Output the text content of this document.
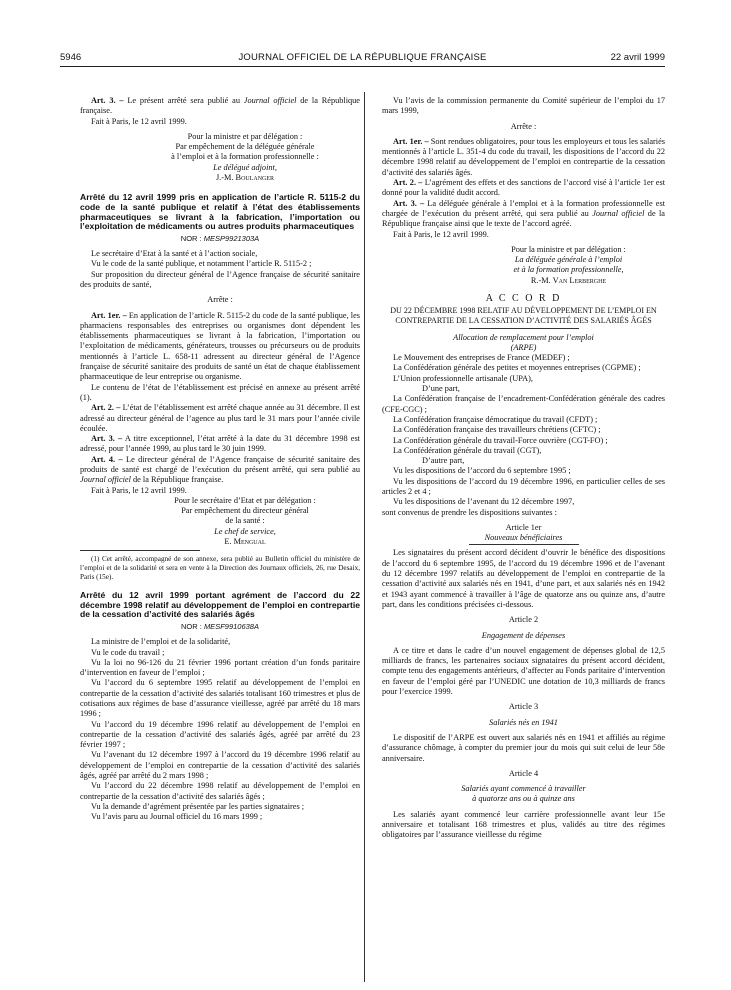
5946	JOURNAL OFFICIEL DE LA RÉPUBLIQUE FRANÇAISE	22 avril 1999

Art. 3. – Le présent arrêté sera publié au Journal officiel de la République française.

Fait à Paris, le 12 avril 1999.

Pour la ministre et par délégation :

Par empêchement de la déléguée générale

à l’emploi et à la formation professionnelle :

Le délégué adjoint,

J.-M. Boulanger

Arrêté du 12 avril 1999 pris en application de l’article R. 5115-2 du code de la santé publique et relatif à l’état des établissements pharmaceutiques se livrant à la fabrication, l’importation ou l’exploitation de médicaments ou autres produits pharmaceutiques

NOR : MESP9921303A

Le secrétaire d’Etat à la santé et à l’action sociale,

Vu le code de la santé publique, et notamment l’article R. 5115-2 ;

Sur proposition du directeur général de l’Agence française de sécurité sanitaire des produits de santé,

Arrête :

Art. 1er. – En application de l’article R. 5115-2 du code de la santé publique, les pharmaciens responsables des entreprises ou organismes dont dépendent les établissements pharmaceutiques se livrant à la fabrication, l’importation ou l’exploitation de médicaments, générateurs, trousses ou précurseurs ou de produits mentionnés à l’article L. 658-11 adressent au directeur général de l’Agence française de sécurité sanitaire des produits de santé un état de chaque établissement pharmaceutique de leur entreprise ou organisme.

Le contenu de l’état de l’établissement est précisé en annexe au présent arrêté (1).

Art. 2. – L’état de l’établissement est arrêté chaque année au 31 décembre. Il est adressé au directeur général de l’agence au plus tard le 31 mars pour l’année civile écoulée.

Art. 3. – A titre exceptionnel, l’état arrêté à la date du 31 décembre 1998 est adressé, pour l’année 1999, au plus tard le 30 juin 1999.

Art. 4. – Le directeur général de l’Agence française de sécurité sanitaire des produits de santé est chargé de l’exécution du présent arrêté, qui sera publié au Journal officiel de la République française.

Fait à Paris, le 12 avril 1999.

Pour le secrétaire d’Etat et par délégation :

Par empêchement du directeur général

de la santé :

Le chef de service,

E. Mengual

(1) Cet arrêté, accompagné de son annexe, sera publié au Bulletin officiel du ministère de l’emploi et de la solidarité et sera en vente à la Direction des Journaux officiels, 26, rue Desaix, Paris (15e).

Arrêté du 12 avril 1999 portant agrément de l’accord du 22 décembre 1998 relatif au développement de l’emploi en contrepartie de la cessation d’activité des salariés âgés

NOR : MESF9910638A

La ministre de l’emploi et de la solidarité,

Vu le code du travail ;

Vu la loi no 96-126 du 21 février 1996 portant création d’un fonds paritaire d’intervention en faveur de l’emploi ;

Vu l’accord du 6 septembre 1995 relatif au développement de l’emploi en contrepartie de la cessation d’activité des salariés totalisant 160 trimestres et plus de cotisations aux régimes de base d’assurance vieillesse, agréé par arrêté du 18 mars 1996 ;

Vu l’accord du 19 décembre 1996 relatif au développement de l’emploi en contrepartie de la cessation d’activité des salariés âgés, agréé par arrêté du 23 février 1997 ;

Vu l’avenant du 12 décembre 1997 à l’accord du 19 décembre 1996 relatif au développement de l’emploi en contrepartie de la cessation d’activité des salariés âgés, agréé par arrêté du 2 mars 1998 ;

Vu l’accord du 22 décembre 1998 relatif au développement de l’emploi en contrepartie de la cessation d’activité des salariés âgés ;

Vu la demande d’agrément présentée par les parties signataires ;

Vu l’avis paru au Journal officiel du 16 mars 1999 ;

Vu l’avis de la commission permanente du Comité supérieur de l’emploi du 17 mars 1999,

Arrête :

Art. 1er. – Sont rendues obligatoires, pour tous les employeurs et tous les salariés mentionnés à l’article L. 351-4 du code du travail, les dispositions de l’accord du 22 décembre 1998 relatif au développement de l’emploi en contrepartie de la cessation d’activité des salariés âgés.

Art. 2. – L’agrément des effets et des sanctions de l’accord visé à l’article 1er est donné pour la validité dudit accord.

Art. 3. – La déléguée générale à l’emploi et à la formation professionnelle est chargée de l’exécution du présent arrêté, qui sera publié au Journal officiel de la République française ainsi que le texte de l’accord agréé.

Fait à Paris, le 12 avril 1999.

Pour la ministre et par délégation :

La déléguée générale à l’emploi

et à la formation professionnelle,

R.-M. Van Lerberghe

A C C O R D

DU 22 DÉCEMBRE 1998 RELATIF AU DÉVELOPPEMENT DE L’EMPLOI EN CONTREPARTIE DE LA CESSATION D’ACTIVITÉ DES SALARIÉS ÂGÉS

Allocation de remplacement pour l’emploi

(ARPE)

Le Mouvement des entreprises de France (MEDEF) ;

La Confédération générale des petites et moyennes entreprises (CGPME) ;

L’Union professionnelle artisanale (UPA),

D’une part,

La Confédération française de l’encadrement-Confédération générale des cadres (CFE-CGC) ;

La Confédération française démocratique du travail (CFDT) ;

La Confédération française des travailleurs chrétiens (CFTC) ;

La Confédération générale du travail-Force ouvrière (CGT-FO) ;

La Confédération générale du travail (CGT),

D’autre part,

Vu les dispositions de l’accord du 6 septembre 1995 ;

Vu les dispositions de l’accord du 19 décembre 1996, en particulier celles de ses articles 2 et 4 ;

Vu les dispositions de l’avenant du 12 décembre 1997,

sont convenus de prendre les dispositions suivantes :

Article 1er

Nouveaux bénéficiaires

Les signataires du présent accord décident d’ouvrir le bénéfice des dispositions de l’accord du 6 septembre 1995, de l’accord du 19 décembre 1996 et de l’avenant du 12 décembre 1997 relatifs au développement de l’emploi en contrepartie de la cessation d’activité aux salariés nés en 1941, d’une part, et aux salariés nés en 1942 et 1943 ayant commencé à travailler à l’âge de quatorze ans ou quinze ans, d’autre part, dans les conditions précisées ci-dessous.

Article 2

Engagement de dépenses

A ce titre et dans le cadre d’un nouvel engagement de dépenses global de 12,5 milliards de francs, les partenaires sociaux signataires du présent accord décident, compte tenu des engagements antérieurs, d’affecter au Fonds paritaire d’intervention en faveur de l’emploi géré par l’UNEDIC une dotation de 10,3 milliards de francs pour l’exercice 1999.

Article 3

Salariés nés en 1941

Le dispositif de l’ARPE est ouvert aux salariés nés en 1941 et affiliés au régime d’assurance chômage, à compter du premier jour du mois qui suit celui de leur 58e anniversaire.

Article 4

Salariés ayant commencé à travailler

à quatorze ans ou à quinze ans

Les salariés ayant commencé leur carrière professionnelle avant leur 15e anniversaire et totalisant 168 trimestres et plus, validés au titre des régimes obligatoires par l’assurance vieillesse du régime
